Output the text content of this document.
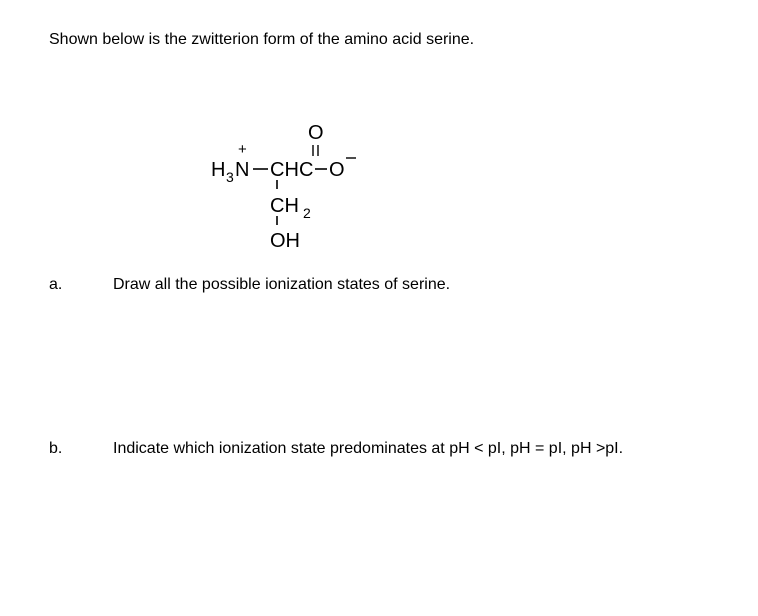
Shown below is the zwitterion form of the amino acid serine.
H 3 N
+
CH C
O
O
CH 2
OH
a.	Draw all the possible ionization states of serine.
b.	Indicate which ionization state predominates at pH < pI, pH = pI, pH >pI.
